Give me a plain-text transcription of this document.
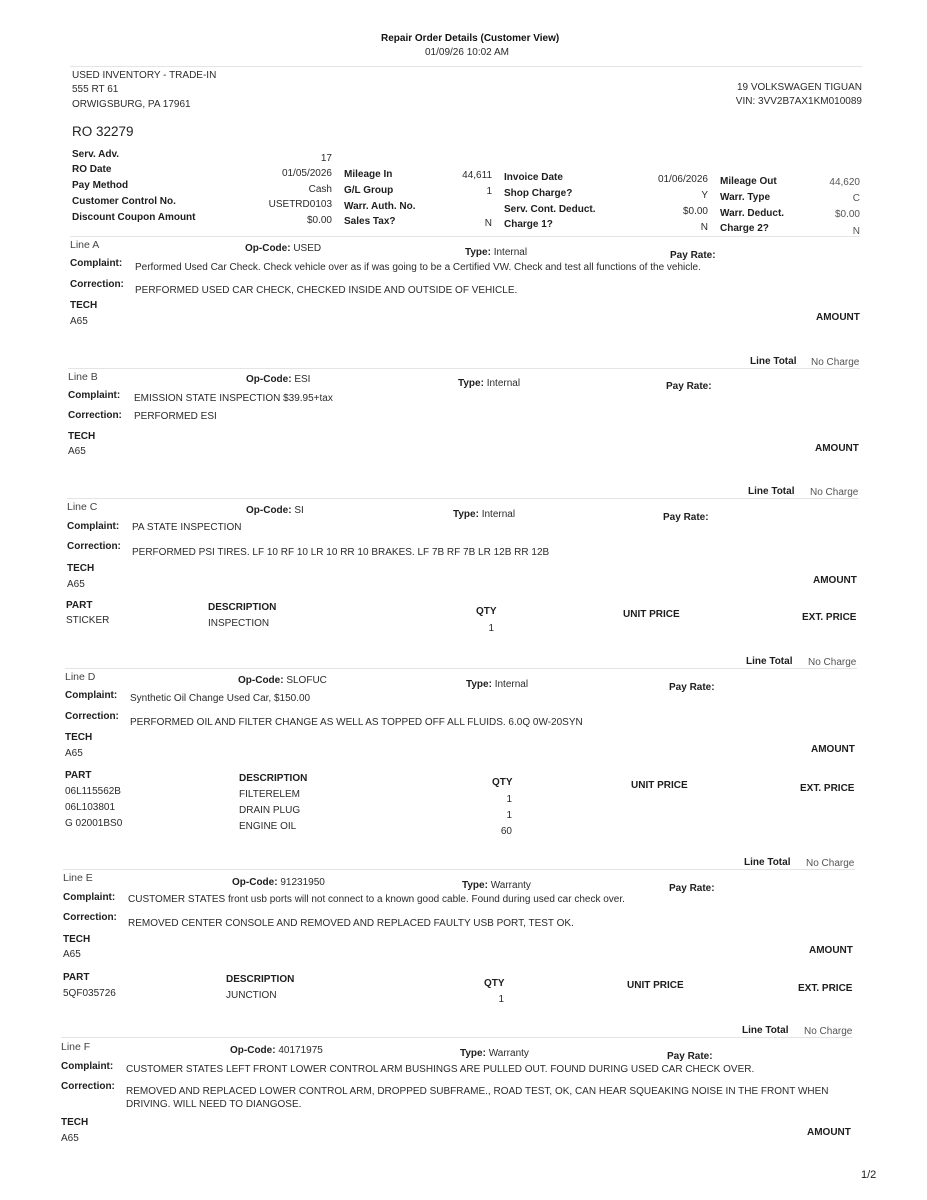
Repair Order Details (Customer View)
01/09/26 10:02 AM
USED INVENTORY - TRADE-IN
555 RT 61
ORWIGSBURG, PA 17961
19 VOLKSWAGEN TIGUAN
VIN: 3VV2B7AX1KM010089
RO 32279
Serv. Adv.	17
RO Date	01/05/2026
Pay Method	Cash
Customer Control No.	USETRD0103
Discount Coupon Amount	$0.00
Mileage In	44,611
G/L Group	1
Warr. Auth. No.
Sales Tax?	N
Invoice Date	01/06/2026
Shop Charge?	Y
Serv. Cont. Deduct.	$0.00
Charge 1?	N
Mileage Out	44,620
Warr. Type	C
Warr. Deduct.	$0.00
Charge 2?	N
Line A	Op-Code: USED	Type: Internal	Pay Rate:
Complaint: Performed Used Car Check. Check vehicle over as if was going to be a Certified VW. Check and test all functions of the vehicle.
Correction:
PERFORMED USED CAR CHECK, CHECKED INSIDE AND OUTSIDE OF VEHICLE.
TECH
A65	AMOUNT
Line Total No Charge
Line B	Op-Code: ESI	Type: Internal	Pay Rate:
Complaint: EMISSION STATE INSPECTION $39.95+tax
Correction: PERFORMED ESI
TECH
A65	AMOUNT
Line Total No Charge
Line C	Op-Code: SI	Type: Internal	Pay Rate:
Complaint: PA STATE INSPECTION
Correction:
PERFORMED PSI TIRES. LF 10 RF 10 LR 10 RR 10 BRAKES. LF 7B RF 7B LR 12B RR 12B
TECH
A65	AMOUNT
PART	DESCRIPTION	QTY	UNIT PRICE	EXT. PRICE
STICKER	INSPECTION	1
Line Total No Charge
Line D	Op-Code: SLOFUC	Type: Internal	Pay Rate:
Complaint: Synthetic Oil Change Used Car, $150.00
Correction:
PERFORMED OIL AND FILTER CHANGE AS WELL AS TOPPED OFF ALL FLUIDS. 6.0Q 0W-20SYN
TECH
A65	AMOUNT
PART	DESCRIPTION	QTY	UNIT PRICE	EXT. PRICE
06L115562B	FILTERELEM	1
06L103801	DRAIN PLUG	1
G 02001BS0	ENGINE OIL	60
Line Total No Charge
Line E	Op-Code: 91231950	Type: Warranty	Pay Rate:
Complaint: CUSTOMER STATES front usb ports will not connect to a known good cable. Found during used car check over.
Correction:
REMOVED CENTER CONSOLE AND REMOVED AND REPLACED FAULTY USB PORT, TEST OK.
TECH
A65	AMOUNT
PART	DESCRIPTION	QTY	UNIT PRICE	EXT. PRICE
5QF035726	JUNCTION	1
Line Total No Charge
Line F	Op-Code: 40171975	Type: Warranty	Pay Rate:
Complaint: CUSTOMER STATES LEFT FRONT LOWER CONTROL ARM BUSHINGS ARE PULLED OUT. FOUND DURING USED CAR CHECK OVER.
Correction: REMOVED AND REPLACED LOWER CONTROL ARM, DROPPED SUBFRAME., ROAD TEST, OK, CAN HEAR SQUEAKING NOISE IN THE FRONT WHEN
DRIVING. WILL NEED TO DIANGOSE.
TECH
A65
AMOUNT
1/2
